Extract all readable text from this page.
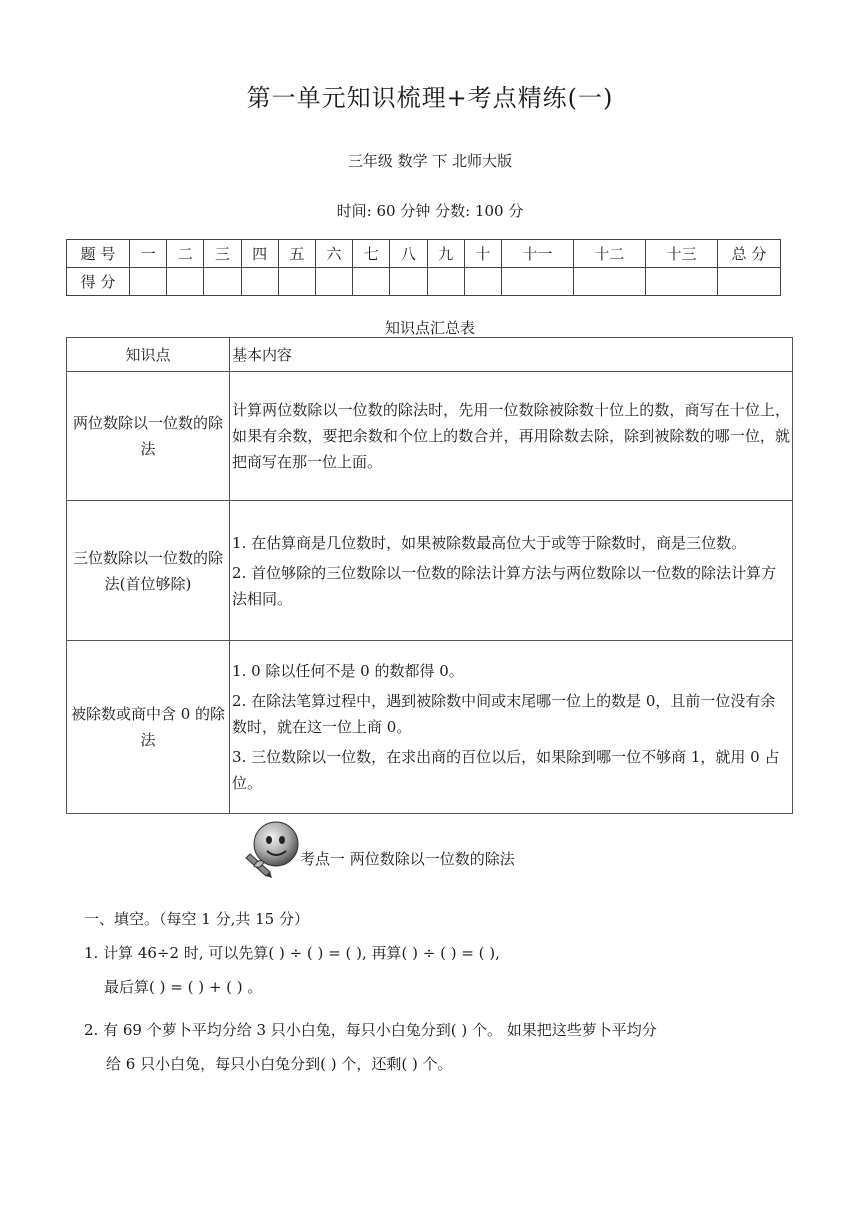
第一单元知识梳理+考点精练(一)
三年级 数学 下 北师大版
时间: 60 分钟 分数: 100 分
题 号	一	二	三	四	五	六	七	八	九	十	十一	十二	十三	总 分
得 分														
知识点汇总表
知识点	基本内容
两位数除以一位数的除法	计算两位数除以一位数的除法时，先用一位数除被除数十位上的数，商写在十位上，如果有余数，要把余数和个位上的数合并，再用除数去除，除到被除数的哪一位，就把商写在那一位上面。
三位数除以一位数的除法(首位够除)	1. 在估算商是几位数时，如果被除数最高位大于或等于除数时，商是三位数。
2. 首位够除的三位数除以一位数的除法计算方法与两位数除以一位数的除法计算方法相同。

被除数或商中含 0 的除法	1. 0 除以任何不是 0 的数都得 0。
2. 在除法笔算过程中，遇到被除数中间或末尾哪一位上的数是 0，且前一位没有余数时，就在这一位上商 0。
3. 三位数除以一位数，在求出商的百位以后，如果除到哪一位不够商 1，就用 0 占位。
考点一 两位数除以一位数的除法
一、填空。（每空 1 分,共 15 分）
1. 计算 46÷2 时, 可以先算( ) ÷ ( ) = ( ), 再算( ) ÷ ( ) = ( ),
最后算( ) = ( ) + ( ) 。
2. 有 69 个萝卜平均分给 3 只小白兔，每只小白兔分到( ) 个。 如果把这些萝卜平均分
给 6 只小白兔，每只小白兔分到( ) 个，还剩( ) 个。
